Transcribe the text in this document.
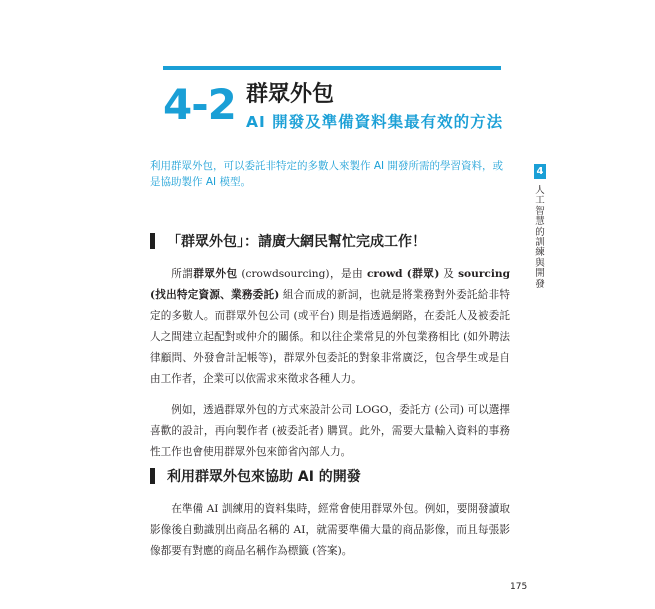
4-2 群眾外包
AI 開發及準備資料集最有效的方法
利用群眾外包，可以委託非特定的多數人來製作 AI 開發所需的學習資料，或是協助製作 AI 模型。
4
人工智慧的訓練與開發
「群眾外包」：請廣大網民幫忙完成工作！

所謂群眾外包 (crowdsourcing)，是由 crowd (群眾) 及 sourcing (找出特定資源、業務委託) 組合而成的新詞，也就是將業務對外委託給非特定的多數人。而群眾外包公司 (或平台) 則是指透過網路，在委託人及被委託人之間建立起配對或仲介的關係。和以往企業常見的外包業務相比 (如外聘法律顧問、外發會計記帳等)，群眾外包委託的對象非常廣泛，包含學生或是自由工作者，企業可以依需求來徵求各種人力。

例如，透過群眾外包的方式來設計公司 LOGO，委託方 (公司) 可以選擇喜歡的設計，再向製作者 (被委託者) 購買。此外，需要大量輸入資料的事務性工作也會使用群眾外包來節省內部人力。

利用群眾外包來協助 AI 的開發

在準備 AI 訓練用的資料集時，經常會使用群眾外包。例如，要開發讀取影像後自動識別出商品名稱的 AI，就需要準備大量的商品影像，而且每張影像都要有對應的商品名稱作為標籤 (答案)。

175
